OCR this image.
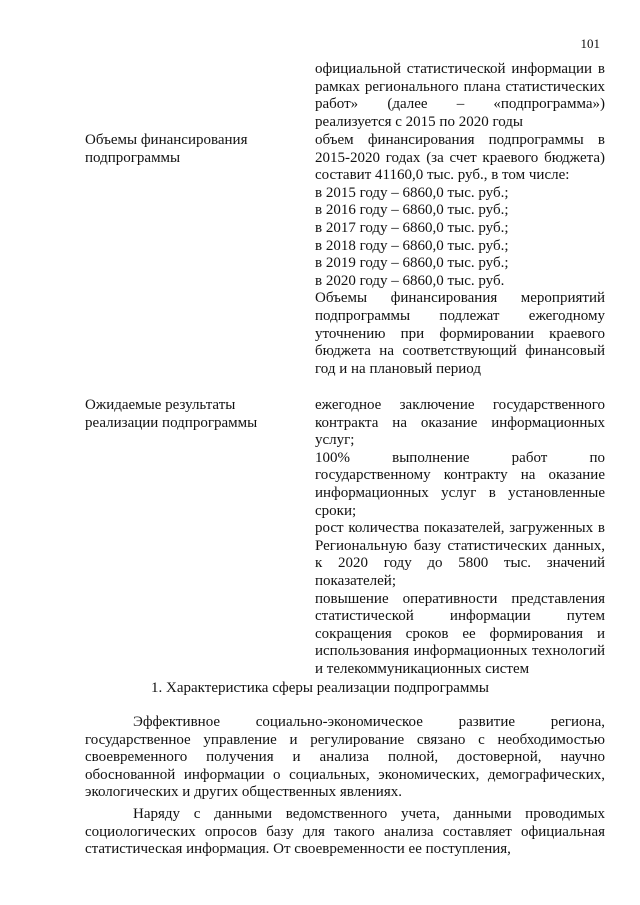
101

официальной статистической информации в рамках регионального плана статистических работ» (далее – «подпрограмма») реализуется с 2015 по 2020 годы

Объемы финансирования подпрограммы

объем финансирования подпрограммы в 2015-2020 годах (за счет краевого бюджета) составит 41160,0 тыс. руб., в том числе:

в 2015 году – 6860,0 тыс. руб.;

в 2016 году – 6860,0 тыс. руб.;

в 2017 году – 6860,0 тыс. руб.;

в 2018 году – 6860,0 тыс. руб.;

в 2019 году – 6860,0 тыс. руб.;

в 2020 году – 6860,0 тыс. руб.

Объемы финансирования мероприятий подпрограммы подлежат ежегодному уточнению при формировании краевого бюджета на соответствующий финансовый год и на плановый период

Ожидаемые результаты реализации подпрограммы

ежегодное заключение государственного контракта на оказание информационных услуг;

100% выполнение работ по государственному контракту на оказание информационных услуг в установленные сроки;

рост количества показателей, загруженных в Региональную базу статистических данных, к 2020 году до 5800 тыс. значений показателей;

повышение оперативности представления статистической информации путем сокращения сроков ее формирования и использования информационных технологий и телекоммуникационных систем

1. Характеристика сферы реализации подпрограммы

Эффективное социально-экономическое развитие региона, государственное управление и регулирование связано с необходимостью своевременного получения и анализа полной, достоверной, научно обоснованной информации о социальных, экономических, демографических, экологических и других общественных явлениях.

Наряду с данными ведомственного учета, данными проводимых социологических опросов базу для такого анализа составляет официальная статистическая информация. От своевременности ее поступления,
